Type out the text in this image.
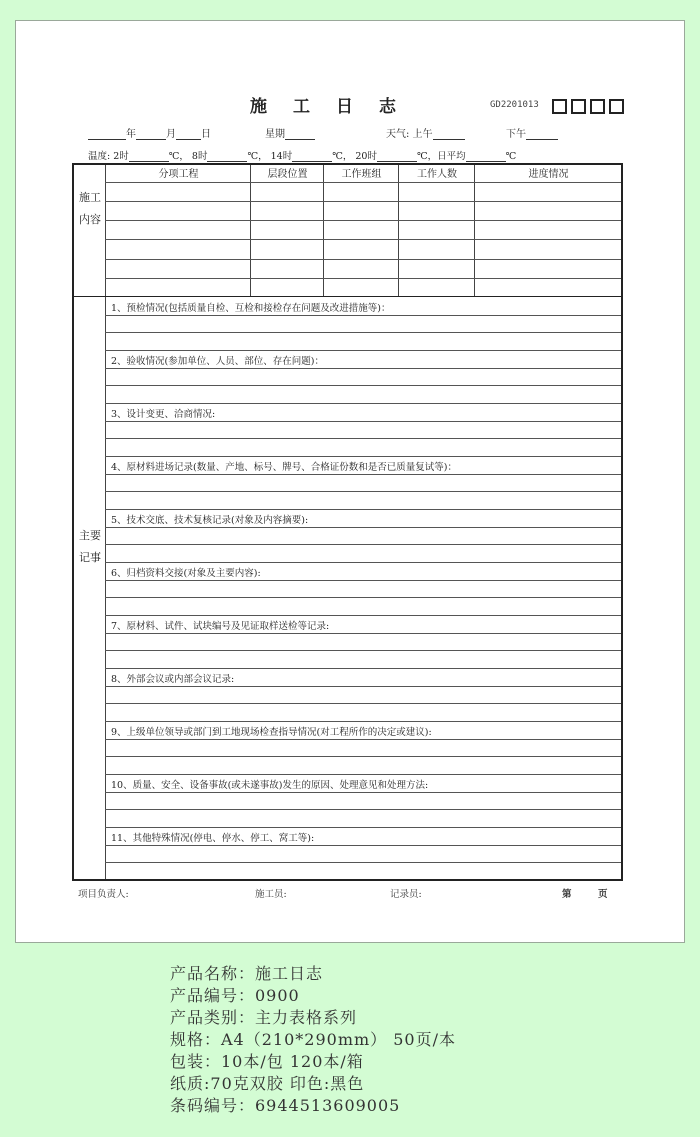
施工日志	GD2201013
年	月	日	星期	天气: 上午	下午
温度: 2时	℃， 8时	℃， 14时	℃， 20时	℃，日平均	℃
分项工程	层段位置	工作班组	工作人数	进度情况
施工内容
主要记事
1、预检情况(包括质量自检、互检和接检存在问题及改进措施等)：
2、验收情况(参加单位、人员、部位、存在问题)：
3、设计变更、洽商情况:
4、原材料进场记录(数量、产地、标号、牌号、合格证份数和是否已质量复试等)：
5、技术交底、技术复核记录(对象及内容摘要):
6、归档资料交接(对象及主要内容):
7、原材料、试件、试块编号及见证取样送检等记录:
8、外部会议或内部会议记录:
9、上级单位领导或部门到工地现场检查指导情况(对工程所作的决定或建议):
10、质量、安全、设备事故(或未遂事故)发生的原因、处理意见和处理方法:
11、其他特殊情况(停电、停水、停工、窝工等):
项目负责人:	施工员:	记录员:	第	页
产品名称：施工日志
产品编号：0900
产品类别：主力表格系列
规格：A4（210*290mm） 50页/本
包装：10本/包 120本/箱
纸质:70克双胶 印色:黑色
条码编号：6944513609005
